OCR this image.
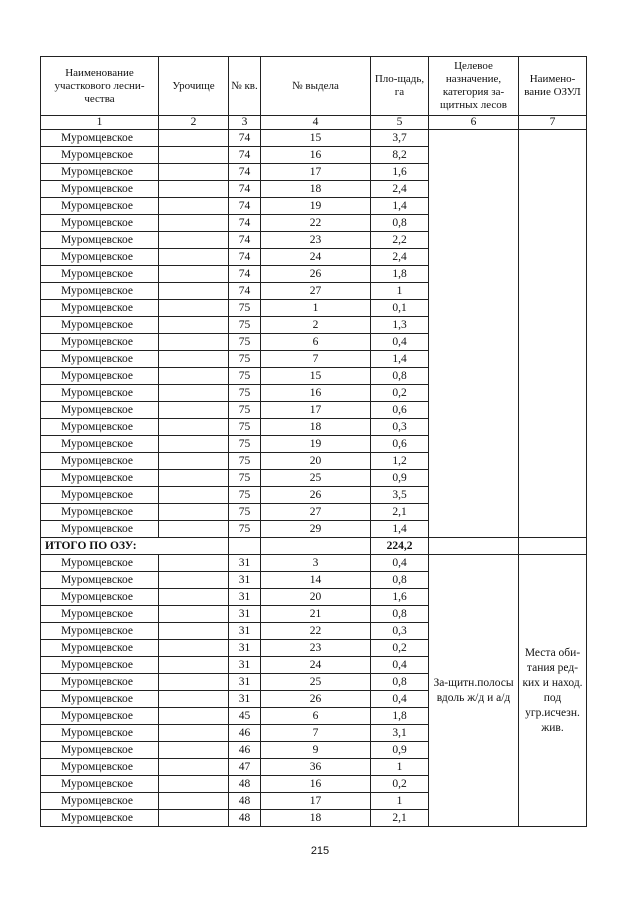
Наименование участкового лесни-чества	Урочище	№ кв.	№ выдела	Пло-щадь, га	Целевое назначение, категория за-щитных лесов	Наимено-вание ОЗУЛ
1	2	3	4	5	6	7
Муромцевское		74	15	3,7		
Муромцевское		74	16	8,2		
Муромцевское		74	17	1,6		
Муромцевское		74	18	2,4		
Муромцевское		74	19	1,4		
Муромцевское		74	22	0,8		
Муромцевское		74	23	2,2		
Муромцевское		74	24	2,4		
Муромцевское		74	26	1,8		
Муромцевское		74	27	1		
Муромцевское		75	1	0,1		
Муромцевское		75	2	1,3		
Муромцевское		75	6	0,4		
Муромцевское		75	7	1,4		
Муромцевское		75	15	0,8		
Муромцевское		75	16	0,2		
Муромцевское		75	17	0,6		
Муромцевское		75	18	0,3		
Муромцевское		75	19	0,6		
Муромцевское		75	20	1,2		
Муромцевское		75	25	0,9		
Муромцевское		75	26	3,5		
Муромцевское		75	27	2,1		
Муромцевское		75	29	1,4		
ИТОГО ПО ОЗУ:				224,2		
Муромцевское		31	3	0,4	За-щитн.полосы вдоль ж/д и а/д	Места оби-тания ред-ких и наход. под угр.исчезн. жив.
Муромцевское		31	14	0,8		
Муромцевское		31	20	1,6		
Муромцевское		31	21	0,8		
Муромцевское		31	22	0,3		
Муромцевское		31	23	0,2		
Муромцевское		31	24	0,4		
Муромцевское		31	25	0,8		
Муромцевское		31	26	0,4		
Муромцевское		45	6	1,8		
Муромцевское		46	7	3,1		
Муромцевское		46	9	0,9		
Муромцевское		47	36	1		
Муромцевское		48	16	0,2		
Муромцевское		48	17	1		
Муромцевское		48	18	2,1		
215
